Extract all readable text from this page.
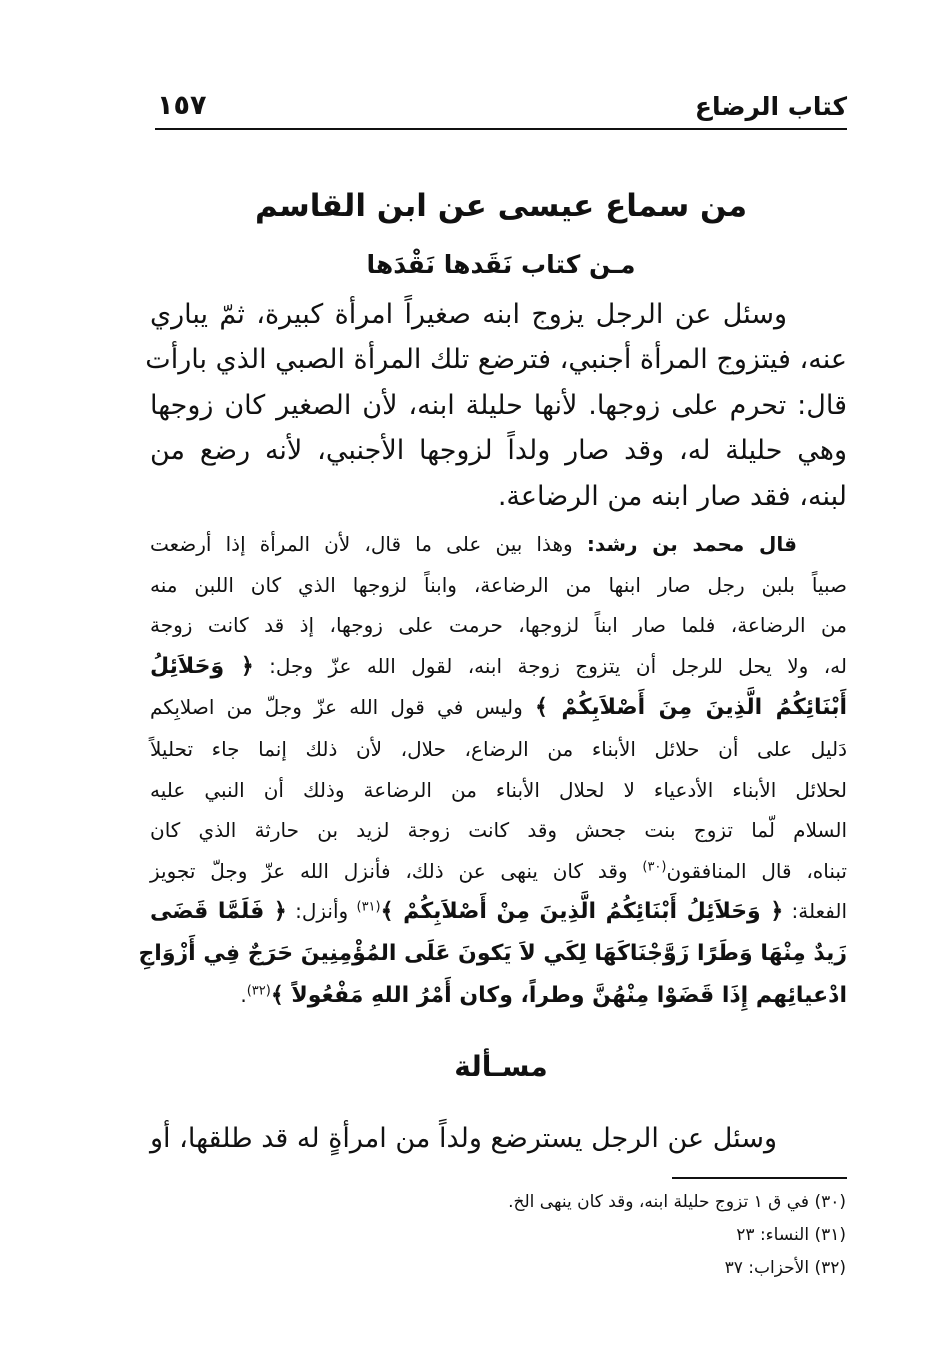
كتاب الرضاع
١٥٧
من سماع عيسى عن ابن القاسم
مـن كتاب نَقَدها نَقْدَها
وسئل عن الرجل يزوج ابنه صغيراً امرأة كبيرة، ثمّ يباري
عنه، فيتزوج المرأة أجنبي، فترضع تلك المرأة الصبي الذي بارأت
قال: تحرم على زوجها. لأنها حليلة ابنه، لأن الصغير كان زوجها
وهي حليلة له، وقد صار ولداً لزوجها الأجنبي، لأنه رضع من
لبنه، فقد صار ابنه من الرضاعة.
قال محمد بن رشد: وهذا بين على ما قال، لأن المرأة إذا أرضعت
صبياً بلبن رجل صار ابنها من الرضاعة، وابناً لزوجها الذي كان اللبن منه
من الرضاعة، فلما صار ابناً لزوجها، حرمت على زوجها، إذ قد كانت زوجة
له، ولا يحل للرجل أن يتزوج زوجة ابنه، لقول الله عزّ وجل: ﴿ وَحَلاَئِلُ
أَبْنَائِكُمُ الَّذِينَ مِنَ أَصْلاَبِكُمْ ﴾ وليس في قول الله عزّ وجلّ من اصلابِكم
دَليل على أن حلائل الأبناء من الرضاع، حلال، لأن ذلك إنما جاء تحليلاً
لحلائل الأبناء الأدعياء لا لحلال الأبناء من الرضاعة وذلك أن النبي عليه
السلام لّما تزوج بنت جحش وقد كانت زوجة لزيد بن حارثة الذي كان
تبناه، قال المنافقون$^{(٣٠)}$ وقد كان ينهى عن ذلك، فأنزل الله عزّ وجلّ تجويز
الفعلة: ﴿ وَحَلاَئِلُ أَبْنَائِكُمُ الَّذِينَ مِنْ أَصْلاَبِكُمْ ﴾$^{(٣١)}$ وأنزل: ﴿ فَلَمَّا قَضَى
زَيدٌ مِنْهَا وَطَرًا زَوَّجْنَاكَهَا لِكَي لاَ يَكونَ عَلَى المُؤْمِنِينَ حَرَجٌ فِي أَزْوَاجِ
ادْعيائِهم إِذَا قَضَوْا مِنْهُنَّ وطراً، وكان أَمْرُ اللهِ مَفْعُولاً ﴾$^{(٣٢)}$.
مسـألة
وسئل عن الرجل يسترضع ولداً من امرأةٍ له قد طلقها، أو
(٣٠) في ق ١ تزوج حليلة ابنه، وقد كان ينهى الخ.
(٣١) النساء: ٢٣
(٣٢) الأحزاب: ٣٧
